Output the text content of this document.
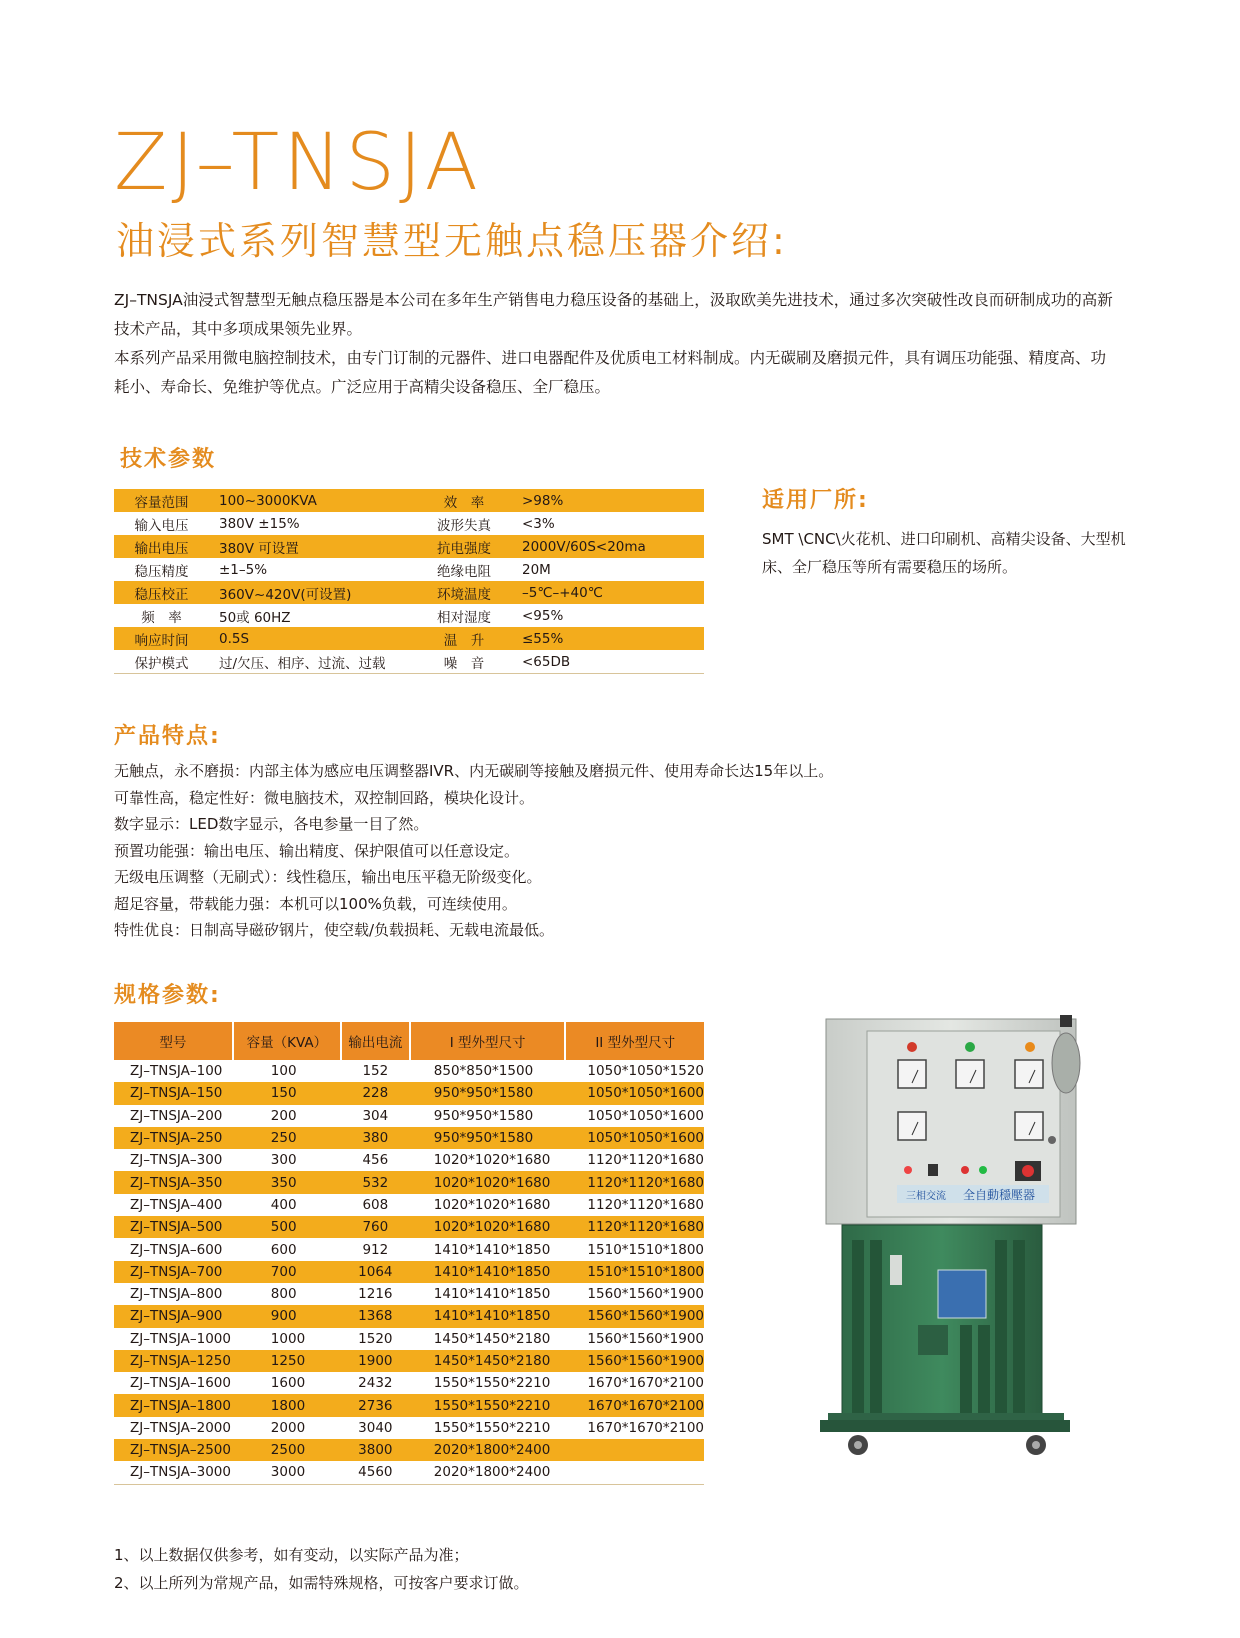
ZJ–TNSJA
油浸式系列智慧型无触点稳压器介绍:

ZJ–TNSJA油浸式智慧型无触点稳压器是本公司在多年生产销售电力稳压设备的基础上，汲取欧美先进技术，通过多次突破性改良而研制成功的高新技术产品，其中多项成果领先业界。

本系列产品采用微电脑控制技术，由专门订制的元器件、进口电器配件及优质电工材料制成。内无碳刷及磨损元件，具有调压功能强、精度高、功耗小、寿命长、免维护等优点。广泛应用于高精尖设备稳压、全厂稳压。

技术参数
容量范围	100~3000KVA	效　率	>98%
输入电压	380V ±15%	波形失真	<3%
输出电压	380V 可设置	抗电强度	2000V/60S<20ma
稳压精度	±1–5%	绝缘电阻	20M
稳压校正	360V~420V(可设置)	环境温度	–5℃–+40℃
频　率	50或 60HZ	相对湿度	<95%
响应时间	0.5S	温　升	≤55%
保护模式	过/欠压、相序、过流、过载	噪　音	<65DB
适用厂所:
SMT \CNC\火花机、进口印刷机、高精尖设备、大型机床、全厂稳压等所有需要稳压的场所。
产品特点:
无触点，永不磨损：内部主体为感应电压调整器IVR、内无碳刷等接触及磨损元件、使用寿命长达15年以上。
可靠性高，稳定性好：微电脑技术，双控制回路，模块化设计。
数字显示：LED数字显示，各电参量一目了然。
预置功能强：输出电压、输出精度、保护限值可以任意设定。
无级电压调整（无刷式）：线性稳压，输出电压平稳无阶级变化。
超足容量，带载能力强：本机可以100%负载，可连续使用。
特性优良：日制高导磁矽钢片，使空载/负载损耗、无载电流最低。
规格参数:
型号	容量（KVA）	输出电流	I 型外型尺寸	II 型外型尺寸
ZJ–TNSJA–100	100	152	850*850*1500	1050*1050*1520
ZJ–TNSJA–150	150	228	950*950*1580	1050*1050*1600
ZJ–TNSJA–200	200	304	950*950*1580	1050*1050*1600
ZJ–TNSJA–250	250	380	950*950*1580	1050*1050*1600
ZJ–TNSJA–300	300	456	1020*1020*1680	1120*1120*1680
ZJ–TNSJA–350	350	532	1020*1020*1680	1120*1120*1680
ZJ–TNSJA–400	400	608	1020*1020*1680	1120*1120*1680
ZJ–TNSJA–500	500	760	1020*1020*1680	1120*1120*1680
ZJ–TNSJA–600	600	912	1410*1410*1850	1510*1510*1800
ZJ–TNSJA–700	700	1064	1410*1410*1850	1510*1510*1800
ZJ–TNSJA–800	800	1216	1410*1410*1850	1560*1560*1900
ZJ–TNSJA–900	900	1368	1410*1410*1850	1560*1560*1900
ZJ–TNSJA–1000	1000	1520	1450*1450*2180	1560*1560*1900
ZJ–TNSJA–1250	1250	1900	1450*1450*2180	1560*1560*1900
ZJ–TNSJA–1600	1600	2432	1550*1550*2210	1670*1670*2100
ZJ–TNSJA–1800	1800	2736	1550*1550*2210	1670*1670*2100
ZJ–TNSJA–2000	2000	3040	1550*1550*2210	1670*1670*2100
ZJ–TNSJA–2500	2500	3800	2020*1800*2400	
ZJ–TNSJA–3000	3000	4560	2020*1800*2400	
三相交流 全自動穩壓器
1、以上数据仅供参考，如有变动，以实际产品为准；
2、以上所列为常规产品，如需特殊规格，可按客户要求订做。
